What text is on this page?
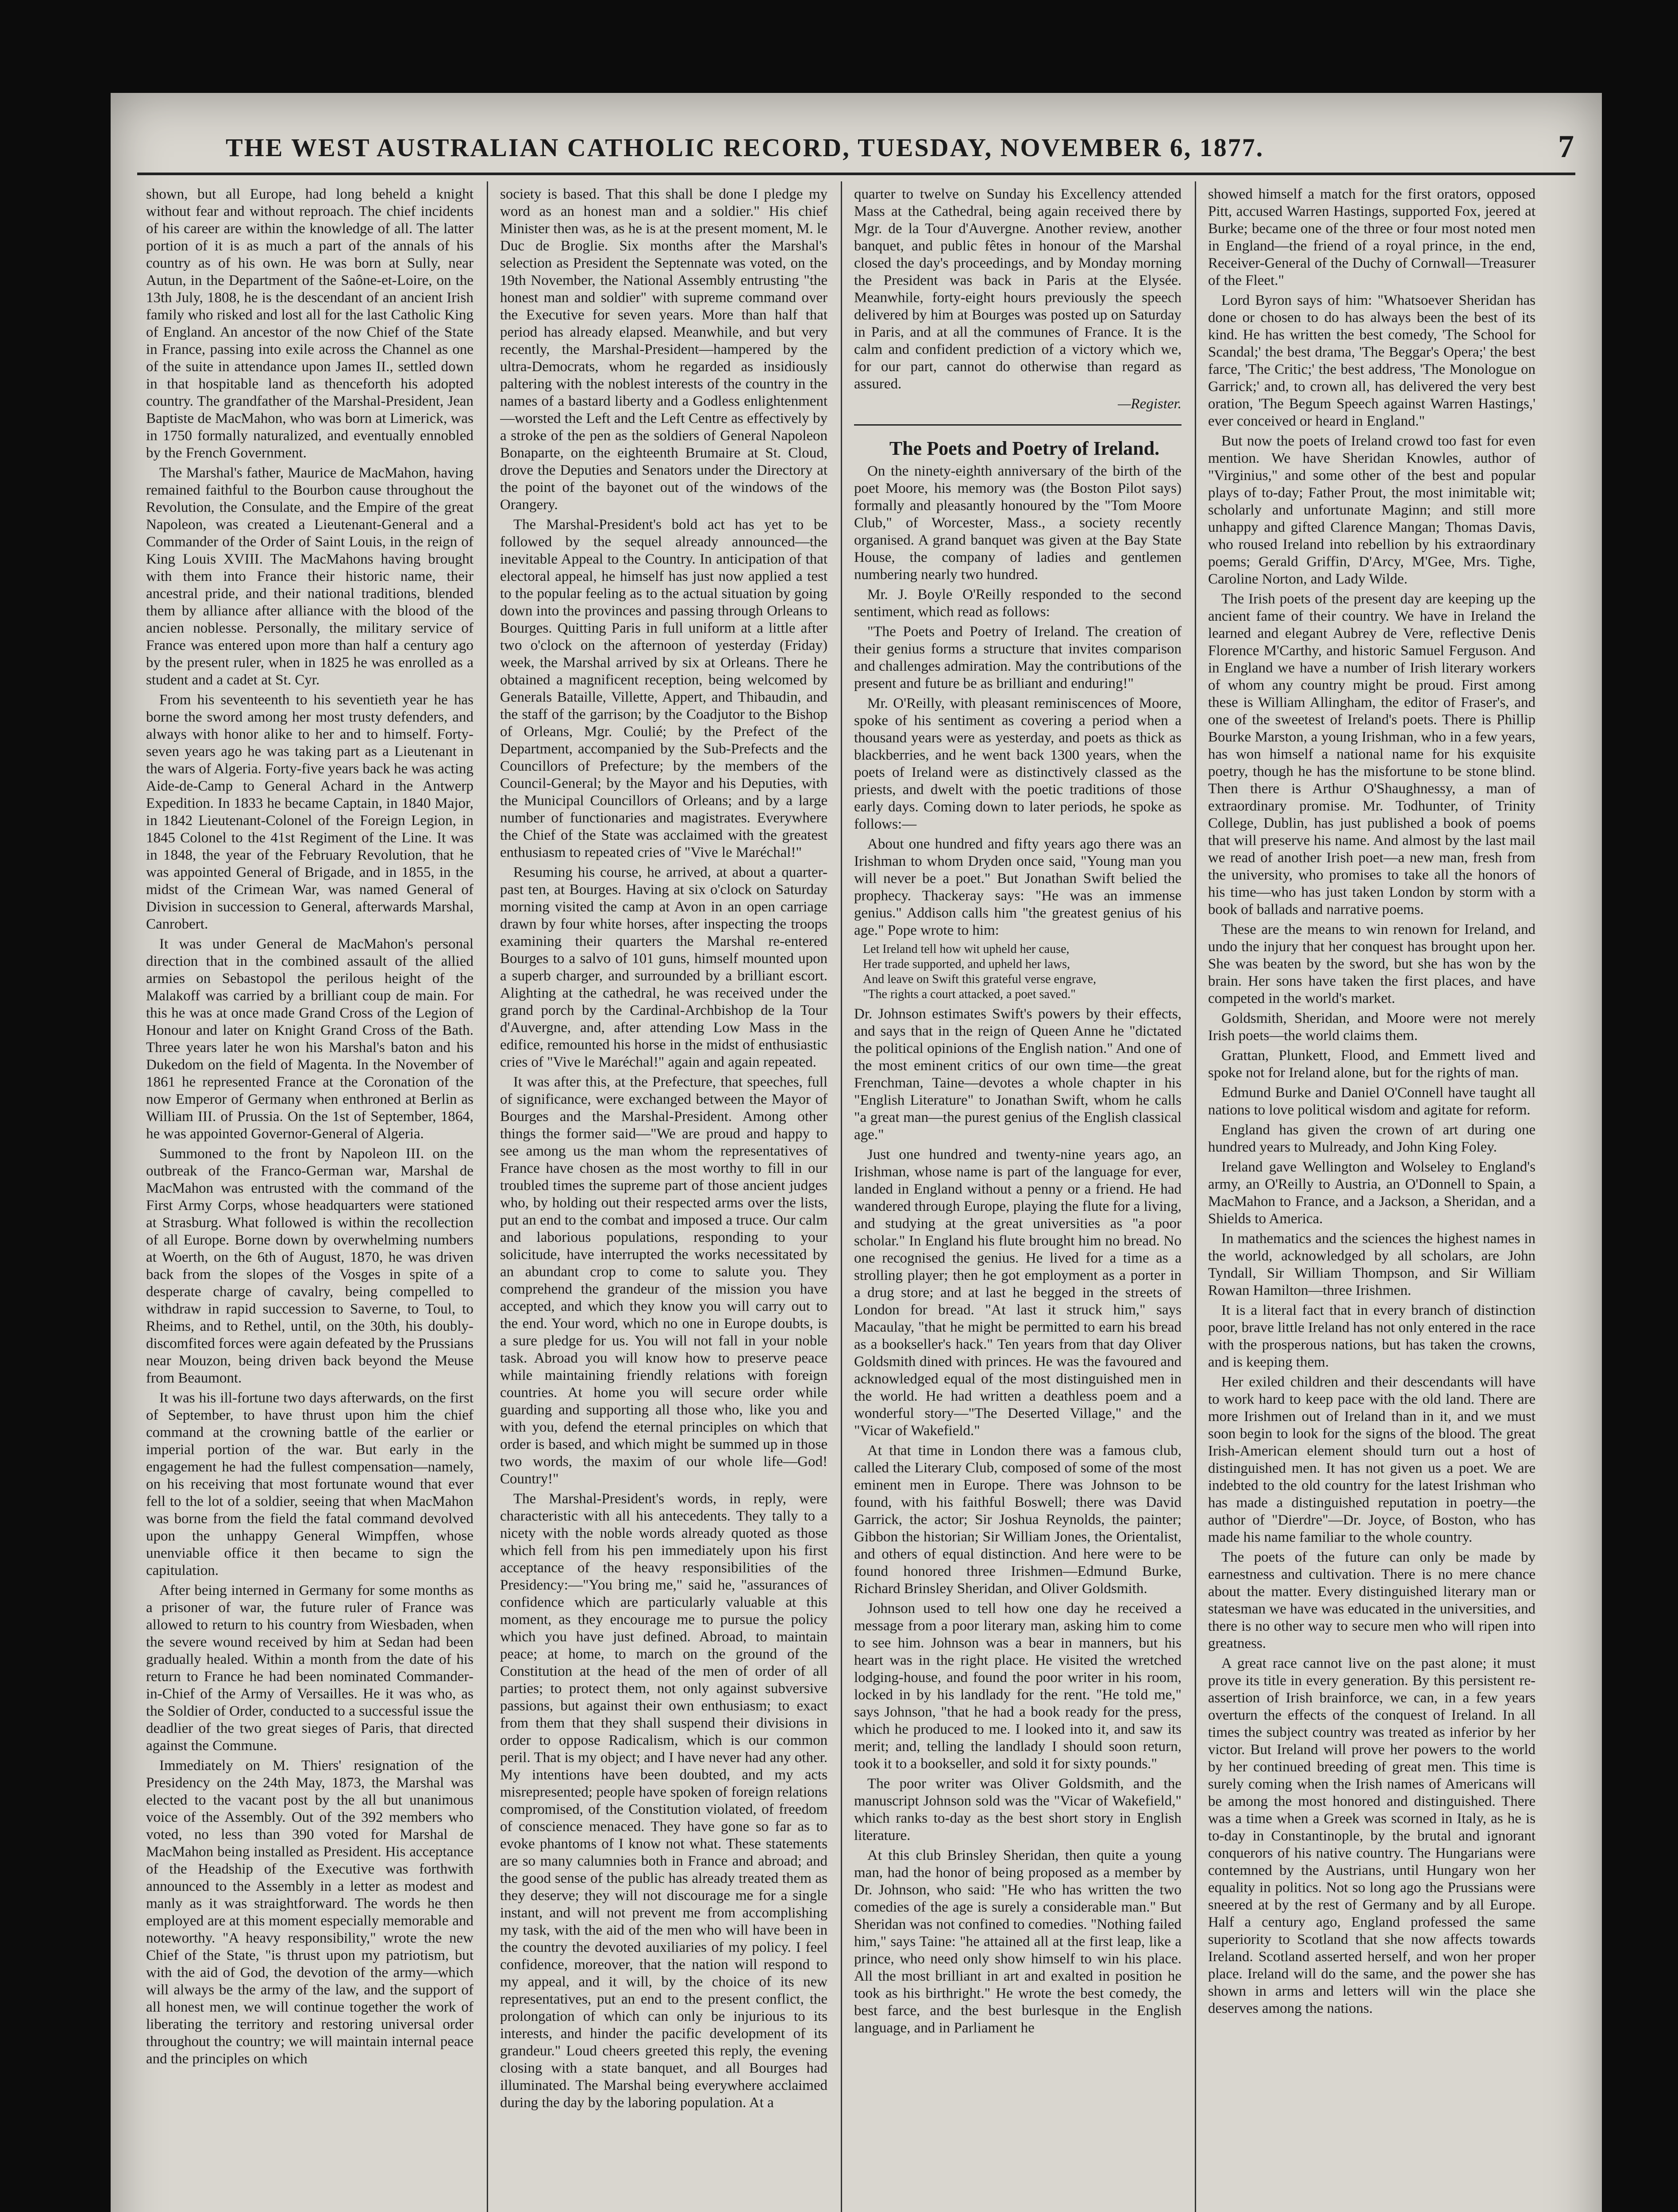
THE WEST AUSTRALIAN CATHOLIC RECORD, TUESDAY, NOVEMBER 6, 1877.	7

shown, but all Europe, had long beheld a knight without fear and without reproach. The chief incidents of his career are within the knowledge of all. The latter portion of it is as much a part of the annals of his country as of his own. He was born at Sully, near Autun, in the Department of the Saône-et-Loire, on the 13th July, 1808, he is the descendant of an ancient Irish family who risked and lost all for the last Catholic King of England. An ancestor of the now Chief of the State in France, passing into exile across the Channel as one of the suite in attendance upon James II., settled down in that hospitable land as thenceforth his adopted country. The grandfather of the Marshal-President, Jean Baptiste de MacMahon, who was born at Limerick, was in 1750 formally naturalized, and eventually ennobled by the French Government.

The Marshal's father, Maurice de MacMahon, having remained faithful to the Bourbon cause throughout the Revolution, the Consulate, and the Empire of the great Napoleon, was created a Lieutenant-General and a Commander of the Order of Saint Louis, in the reign of King Louis XVIII. The MacMahons having brought with them into France their historic name, their ancestral pride, and their national traditions, blended them by alliance after alliance with the blood of the ancien noblesse. Personally, the military service of France was entered upon more than half a century ago by the present ruler, when in 1825 he was enrolled as a student and a cadet at St. Cyr.

From his seventeenth to his seventieth year he has borne the sword among her most trusty defenders, and always with honor alike to her and to himself. Forty-seven years ago he was taking part as a Lieutenant in the wars of Algeria. Forty-five years back he was acting Aide-de-Camp to General Achard in the Antwerp Expedition. In 1833 he became Captain, in 1840 Major, in 1842 Lieutenant-Colonel of the Foreign Legion, in 1845 Colonel to the 41st Regiment of the Line. It was in 1848, the year of the February Revolution, that he was appointed General of Brigade, and in 1855, in the midst of the Crimean War, was named General of Division in succession to General, afterwards Marshal, Canrobert.

It was under General de MacMahon's personal direction that in the combined assault of the allied armies on Sebastopol the perilous height of the Malakoff was carried by a brilliant coup de main. For this he was at once made Grand Cross of the Legion of Honour and later on Knight Grand Cross of the Bath. Three years later he won his Marshal's baton and his Dukedom on the field of Magenta. In the November of 1861 he represented France at the Coronation of the now Emperor of Germany when enthroned at Berlin as William III. of Prussia. On the 1st of September, 1864, he was appointed Governor-General of Algeria.

Summoned to the front by Napoleon III. on the outbreak of the Franco-German war, Marshal de MacMahon was entrusted with the command of the First Army Corps, whose headquarters were stationed at Strasburg. What followed is within the recollection of all Europe. Borne down by overwhelming numbers at Woerth, on the 6th of August, 1870, he was driven back from the slopes of the Vosges in spite of a desperate charge of cavalry, being compelled to withdraw in rapid succession to Saverne, to Toul, to Rheims, and to Rethel, until, on the 30th, his doubly-discomfited forces were again defeated by the Prussians near Mouzon, being driven back beyond the Meuse from Beaumont.

It was his ill-fortune two days afterwards, on the first of September, to have thrust upon him the chief command at the crowning battle of the earlier or imperial portion of the war. But early in the engagement he had the fullest compensation—namely, on his receiving that most fortunate wound that ever fell to the lot of a soldier, seeing that when MacMahon was borne from the field the fatal command devolved upon the unhappy General Wimpffen, whose unenviable office it then became to sign the capitulation.

After being interned in Germany for some months as a prisoner of war, the future ruler of France was allowed to return to his country from Wiesbaden, when the severe wound received by him at Sedan had been gradually healed. Within a month from the date of his return to France he had been nominated Commander-in-Chief of the Army of Versailles. He it was who, as the Soldier of Order, conducted to a successful issue the deadlier of the two great sieges of Paris, that directed against the Commune.

Immediately on M. Thiers' resignation of the Presidency on the 24th May, 1873, the Marshal was elected to the vacant post by the all but unanimous voice of the Assembly. Out of the 392 members who voted, no less than 390 voted for Marshal de MacMahon being installed as President. His acceptance of the Headship of the Executive was forthwith announced to the Assembly in a letter as modest and manly as it was straightforward. The words he then employed are at this moment especially memorable and noteworthy. "A heavy responsibility," wrote the new Chief of the State, "is thrust upon my patriotism, but with the aid of God, the devotion of the army—which will always be the army of the law, and the support of all honest men, we will continue together the work of liberating the territory and restoring universal order throughout the country; we will maintain internal peace and the principles on which

society is based. That this shall be done I pledge my word as an honest man and a soldier." His chief Minister then was, as he is at the present moment, M. le Duc de Broglie. Six months after the Marshal's selection as President the Septennate was voted, on the 19th November, the National Assembly entrusting "the honest man and soldier" with supreme command over the Executive for seven years. More than half that period has already elapsed. Meanwhile, and but very recently, the Marshal-President—hampered by the ultra-Democrats, whom he regarded as insidiously paltering with the noblest interests of the country in the names of a bastard liberty and a Godless enlightenment—worsted the Left and the Left Centre as effectively by a stroke of the pen as the soldiers of General Napoleon Bonaparte, on the eighteenth Brumaire at St. Cloud, drove the Deputies and Senators under the Directory at the point of the bayonet out of the windows of the Orangery.

The Marshal-President's bold act has yet to be followed by the sequel already announced—the inevitable Appeal to the Country. In anticipation of that electoral appeal, he himself has just now applied a test to the popular feeling as to the actual situation by going down into the provinces and passing through Orleans to Bourges. Quitting Paris in full uniform at a little after two o'clock on the afternoon of yesterday (Friday) week, the Marshal arrived by six at Orleans. There he obtained a magnificent reception, being welcomed by Generals Bataille, Villette, Appert, and Thibaudin, and the staff of the garrison; by the Coadjutor to the Bishop of Orleans, Mgr. Coulié; by the Prefect of the Department, accompanied by the Sub-Prefects and the Councillors of Prefecture; by the members of the Council-General; by the Mayor and his Deputies, with the Municipal Councillors of Orleans; and by a large number of functionaries and magistrates. Everywhere the Chief of the State was acclaimed with the greatest enthusiasm to repeated cries of "Vive le Maréchal!"

Resuming his course, he arrived, at about a quarter-past ten, at Bourges. Having at six o'clock on Saturday morning visited the camp at Avon in an open carriage drawn by four white horses, after inspecting the troops examining their quarters the Marshal re-entered Bourges to a salvo of 101 guns, himself mounted upon a superb charger, and surrounded by a brilliant escort. Alighting at the cathedral, he was received under the grand porch by the Cardinal-Archbishop de la Tour d'Auvergne, and, after attending Low Mass in the edifice, remounted his horse in the midst of enthusiastic cries of "Vive le Maréchal!" again and again repeated.

It was after this, at the Prefecture, that speeches, full of significance, were exchanged between the Mayor of Bourges and the Marshal-President. Among other things the former said—"We are proud and happy to see among us the man whom the representatives of France have chosen as the most worthy to fill in our troubled times the supreme part of those ancient judges who, by holding out their respected arms over the lists, put an end to the combat and imposed a truce. Our calm and laborious populations, responding to your solicitude, have interrupted the works necessitated by an abundant crop to come to salute you. They comprehend the grandeur of the mission you have accepted, and which they know you will carry out to the end. Your word, which no one in Europe doubts, is a sure pledge for us. You will not fall in your noble task. Abroad you will know how to preserve peace while maintaining friendly relations with foreign countries. At home you will secure order while guarding and supporting all those who, like you and with you, defend the eternal principles on which that order is based, and which might be summed up in those two words, the maxim of our whole life—God! Country!"

The Marshal-President's words, in reply, were characteristic with all his antecedents. They tally to a nicety with the noble words already quoted as those which fell from his pen immediately upon his first acceptance of the heavy responsibilities of the Presidency:—"You bring me," said he, "assurances of confidence which are particularly valuable at this moment, as they encourage me to pursue the policy which you have just defined. Abroad, to maintain peace; at home, to march on the ground of the Constitution at the head of the men of order of all parties; to protect them, not only against subversive passions, but against their own enthusiasm; to exact from them that they shall suspend their divisions in order to oppose Radicalism, which is our common peril. That is my object; and I have never had any other. My intentions have been doubted, and my acts misrepresented; people have spoken of foreign relations compromised, of the Constitution violated, of freedom of conscience menaced. They have gone so far as to evoke phantoms of I know not what. These statements are so many calumnies both in France and abroad; and the good sense of the public has already treated them as they deserve; they will not discourage me for a single instant, and will not prevent me from accomplishing my task, with the aid of the men who will have been in the country the devoted auxiliaries of my policy. I feel confidence, moreover, that the nation will respond to my appeal, and it will, by the choice of its new representatives, put an end to the present conflict, the prolongation of which can only be injurious to its interests, and hinder the pacific development of its grandeur." Loud cheers greeted this reply, the evening closing with a state banquet, and all Bourges had illuminated. The Marshal being everywhere acclaimed during the day by the laboring population. At a

quarter to twelve on Sunday his Excellency attended Mass at the Cathedral, being again received there by Mgr. de la Tour d'Auvergne. Another review, another banquet, and public fêtes in honour of the Marshal closed the day's proceedings, and by Monday morning the President was back in Paris at the Elysée. Meanwhile, forty-eight hours previously the speech delivered by him at Bourges was posted up on Saturday in Paris, and at all the communes of France. It is the calm and confident prediction of a victory which we, for our part, cannot do otherwise than regard as assured.

—Register.

The Poets and Poetry of Ireland.

On the ninety-eighth anniversary of the birth of the poet Moore, his memory was (the Boston Pilot says) formally and pleasantly honoured by the "Tom Moore Club," of Worcester, Mass., a society recently organised. A grand banquet was given at the Bay State House, the company of ladies and gentlemen numbering nearly two hundred.

Mr. J. Boyle O'Reilly responded to the second sentiment, which read as follows:

"The Poets and Poetry of Ireland. The creation of their genius forms a structure that invites comparison and challenges admiration. May the contributions of the present and future be as brilliant and enduring!"

Mr. O'Reilly, with pleasant reminiscences of Moore, spoke of his sentiment as covering a period when a thousand years were as yesterday, and poets as thick as blackberries, and he went back 1300 years, when the poets of Ireland were as distinctively classed as the priests, and dwelt with the poetic traditions of those early days. Coming down to later periods, he spoke as follows:—

About one hundred and fifty years ago there was an Irishman to whom Dryden once said, "Young man you will never be a poet." But Jonathan Swift belied the prophecy. Thackeray says: "He was an immense genius." Addison calls him "the greatest genius of his age." Pope wrote to him:

Let Ireland tell how wit upheld her cause,
Her trade supported, and upheld her laws,
And leave on Swift this grateful verse engrave,
"The rights a court attacked, a poet saved."

Dr. Johnson estimates Swift's powers by their effects, and says that in the reign of Queen Anne he "dictated the political opinions of the English nation." And one of the most eminent critics of our own time—the great Frenchman, Taine—devotes a whole chapter in his "English Literature" to Jonathan Swift, whom he calls "a great man—the purest genius of the English classical age."

Just one hundred and twenty-nine years ago, an Irishman, whose name is part of the language for ever, landed in England without a penny or a friend. He had wandered through Europe, playing the flute for a living, and studying at the great universities as "a poor scholar." In England his flute brought him no bread. No one recognised the genius. He lived for a time as a strolling player; then he got employment as a porter in a drug store; and at last he begged in the streets of London for bread. "At last it struck him," says Macaulay, "that he might be permitted to earn his bread as a bookseller's hack." Ten years from that day Oliver Goldsmith dined with princes. He was the favoured and acknowledged equal of the most distinguished men in the world. He had written a deathless poem and a wonderful story—"The Deserted Village," and the "Vicar of Wakefield."

At that time in London there was a famous club, called the Literary Club, composed of some of the most eminent men in Europe. There was Johnson to be found, with his faithful Boswell; there was David Garrick, the actor; Sir Joshua Reynolds, the painter; Gibbon the historian; Sir William Jones, the Orientalist, and others of equal distinction. And here were to be found honored three Irishmen—Edmund Burke, Richard Brinsley Sheridan, and Oliver Goldsmith.

Johnson used to tell how one day he received a message from a poor literary man, asking him to come to see him. Johnson was a bear in manners, but his heart was in the right place. He visited the wretched lodging-house, and found the poor writer in his room, locked in by his landlady for the rent. "He told me," says Johnson, "that he had a book ready for the press, which he produced to me. I looked into it, and saw its merit; and, telling the landlady I should soon return, took it to a bookseller, and sold it for sixty pounds."

The poor writer was Oliver Goldsmith, and the manuscript Johnson sold was the "Vicar of Wakefield," which ranks to-day as the best short story in English literature.

At this club Brinsley Sheridan, then quite a young man, had the honor of being proposed as a member by Dr. Johnson, who said: "He who has written the two comedies of the age is surely a considerable man." But Sheridan was not confined to comedies. "Nothing failed him," says Taine: "he attained all at the first leap, like a prince, who need only show himself to win his place. All the most brilliant in art and exalted in position he took as his birthright." He wrote the best comedy, the best farce, and the best burlesque in the English language, and in Parliament he

showed himself a match for the first orators, opposed Pitt, accused Warren Hastings, supported Fox, jeered at Burke; became one of the three or four most noted men in England—the friend of a royal prince, in the end, Receiver-General of the Duchy of Cornwall—Treasurer of the Fleet."

Lord Byron says of him: "Whatsoever Sheridan has done or chosen to do has always been the best of its kind. He has written the best comedy, 'The School for Scandal;' the best drama, 'The Beggar's Opera;' the best farce, 'The Critic;' the best address, 'The Monologue on Garrick;' and, to crown all, has delivered the very best oration, 'The Begum Speech against Warren Hastings,' ever conceived or heard in England."

But now the poets of Ireland crowd too fast for even mention. We have Sheridan Knowles, author of "Virginius," and some other of the best and popular plays of to-day; Father Prout, the most inimitable wit; scholarly and unfortunate Maginn; and still more unhappy and gifted Clarence Mangan; Thomas Davis, who roused Ireland into rebellion by his extraordinary poems; Gerald Griffin, D'Arcy, M'Gee, Mrs. Tighe, Caroline Norton, and Lady Wilde.

The Irish poets of the present day are keeping up the ancient fame of their country. We have in Ireland the learned and elegant Aubrey de Vere, reflective Denis Florence M'Carthy, and historic Samuel Ferguson. And in England we have a number of Irish literary workers of whom any country might be proud. First among these is William Allingham, the editor of Fraser's, and one of the sweetest of Ireland's poets. There is Phillip Bourke Marston, a young Irishman, who in a few years, has won himself a national name for his exquisite poetry, though he has the misfortune to be stone blind. Then there is Arthur O'Shaughnessy, a man of extraordinary promise. Mr. Todhunter, of Trinity College, Dublin, has just published a book of poems that will preserve his name. And almost by the last mail we read of another Irish poet—a new man, fresh from the university, who promises to take all the honors of his time—who has just taken London by storm with a book of ballads and narrative poems.

These are the means to win renown for Ireland, and undo the injury that her conquest has brought upon her. She was beaten by the sword, but she has won by the brain. Her sons have taken the first places, and have competed in the world's market.

Goldsmith, Sheridan, and Moore were not merely Irish poets—the world claims them.

Grattan, Plunkett, Flood, and Emmett lived and spoke not for Ireland alone, but for the rights of man.

Edmund Burke and Daniel O'Connell have taught all nations to love political wisdom and agitate for reform.

England has given the crown of art during one hundred years to Mulready, and John King Foley.

Ireland gave Wellington and Wolseley to England's army, an O'Reilly to Austria, an O'Donnell to Spain, a MacMahon to France, and a Jackson, a Sheridan, and a Shields to America.

In mathematics and the sciences the highest names in the world, acknowledged by all scholars, are John Tyndall, Sir William Thompson, and Sir William Rowan Hamilton—three Irishmen.

It is a literal fact that in every branch of distinction poor, brave little Ireland has not only entered in the race with the prosperous nations, but has taken the crowns, and is keeping them.

Her exiled children and their descendants will have to work hard to keep pace with the old land. There are more Irishmen out of Ireland than in it, and we must soon begin to look for the signs of the blood. The great Irish-American element should turn out a host of distinguished men. It has not given us a poet. We are indebted to the old country for the latest Irishman who has made a distinguished reputation in poetry—the author of "Dierdre"—Dr. Joyce, of Boston, who has made his name familiar to the whole country.

The poets of the future can only be made by earnestness and cultivation. There is no mere chance about the matter. Every distinguished literary man or statesman we have was educated in the universities, and there is no other way to secure men who will ripen into greatness.

A great race cannot live on the past alone; it must prove its title in every generation. By this persistent re-assertion of Irish brainforce, we can, in a few years overturn the effects of the conquest of Ireland. In all times the subject country was treated as inferior by her victor. But Ireland will prove her powers to the world by her continued breeding of great men. This time is surely coming when the Irish names of Americans will be among the most honored and distinguished. There was a time when a Greek was scorned in Italy, as he is to-day in Constantinople, by the brutal and ignorant conquerors of his native country. The Hungarians were contemned by the Austrians, until Hungary won her equality in politics. Not so long ago the Prussians were sneered at by the rest of Germany and by all Europe. Half a century ago, England professed the same superiority to Scotland that she now affects towards Ireland. Scotland asserted herself, and won her proper place. Ireland will do the same, and the power she has shown in arms and letters will win the place she deserves among the nations.
